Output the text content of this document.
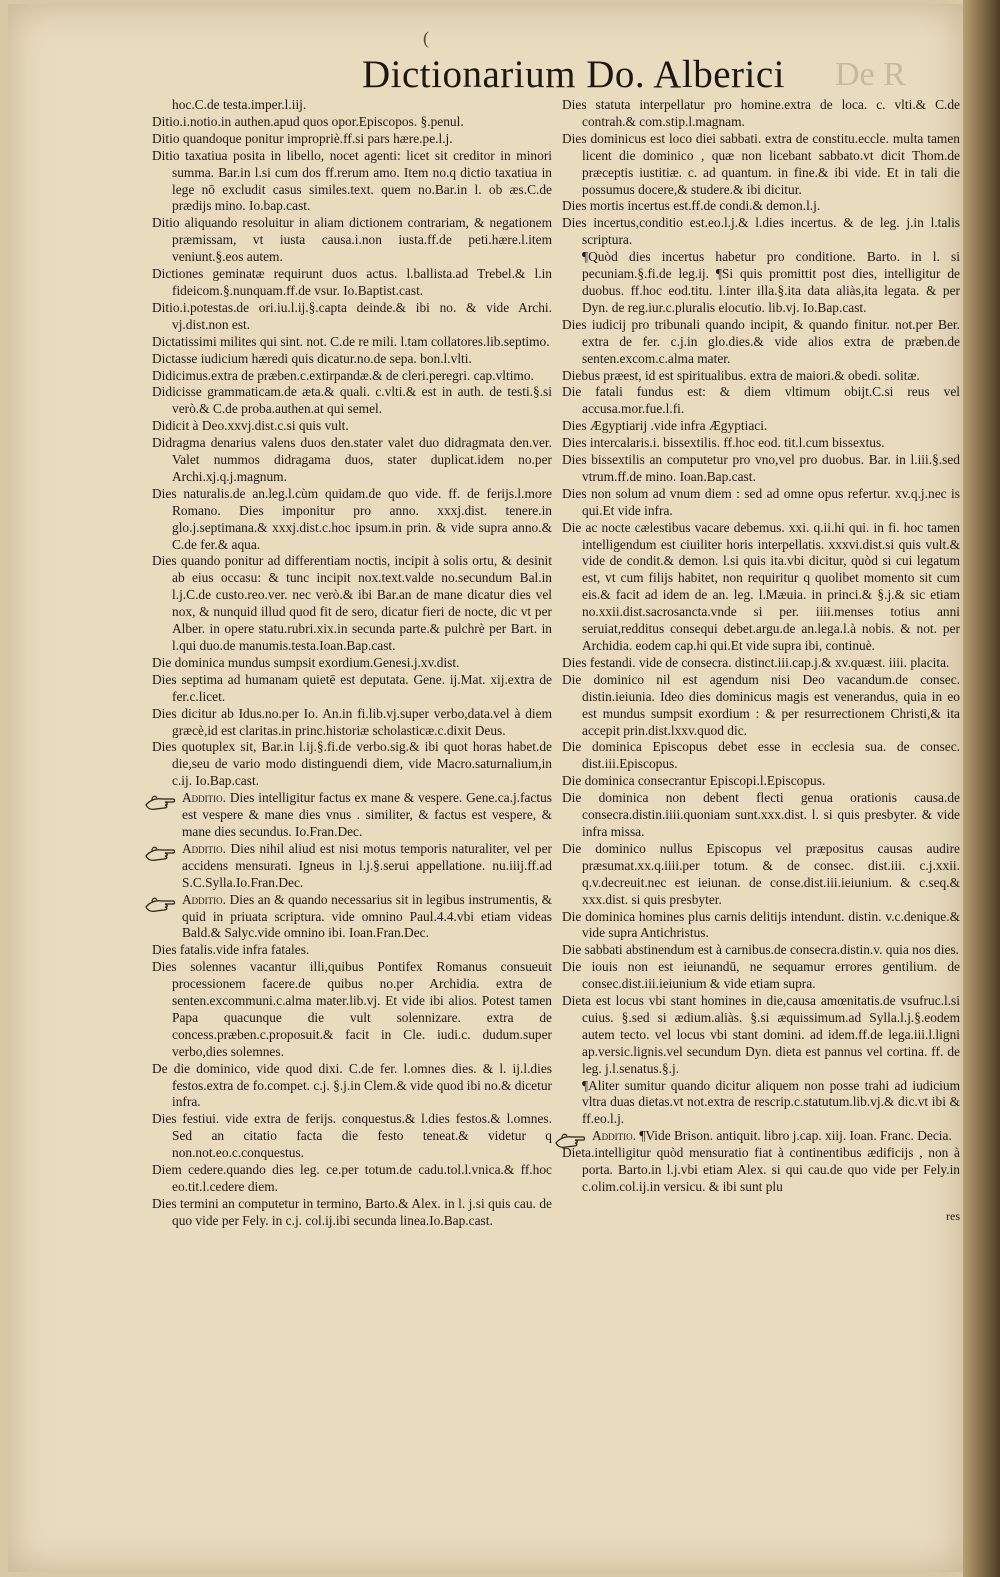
Dictionarium Do. Alberici De R
(

hoc.C.de testa.imper.l.iij.

Ditio.i.notio.in authen.apud quos opor.Episcopos. §.penul.

Ditio quandoque ponitur impropriè.ff.si pars hære.pe.l.j.

Ditio taxatiua posita in libello, nocet agenti: licet sit creditor in minori summa. Bar.in l.si cum dos ff.rerum amo. Item no.q dictio taxatiua in lege nō excludit casus similes.text. quem no.Bar.in l. ob æs.C.de prædijs mino. Io.bap.cast.

Ditio aliquando resoluitur in aliam dictionem contrariam, & negationem præmissam, vt iusta causa.i.non iusta.ff.de peti.hære.l.item veniunt.§.eos autem.

Dictiones geminatæ requirunt duos actus. l.ballista.ad Trebel.& l.in fideicom.§.nunquam.ff.de vsur. Io.Baptist.cast.

Ditio.i.potestas.de ori.iu.l.ij.§.capta deinde.& ibi no. & vide Archi. vj.dist.non est.

Dictatissimi milites qui sint. not. C.de re mili. l.tam collatores.lib.septimo.

Dictasse iudicium hæredi quis dicatur.no.de sepa. bon.l.vlti.

Didicimus.extra de præben.c.extirpandæ.& de cleri.peregri. cap.vltimo.

Didicisse grammaticam.de æta.& quali. c.vlti.& est in auth. de testi.§.si verò.& C.de proba.authen.at qui semel.

Didicit à Deo.xxvj.dist.c.si quis vult.

Didragma denarius valens duos den.stater valet duo didragmata den.ver. Valet nummos didragama duos, stater duplicat.idem no.per Archi.xj.q.j.magnum.

Dies naturalis.de an.leg.l.cùm quidam.de quo vide. ff. de ferijs.l.more Romano. Dies imponitur pro anno. xxxj.dist. tenere.in glo.j.septimana.& xxxj.dist.c.hoc ipsum.in prin. & vide supra anno.& C.de fer.& aqua.

Dies quando ponitur ad differentiam noctis, incipit à solis ortu, & desinit ab eius occasu: & tunc incipit nox.text.valde no.secundum Bal.in l.j.C.de custo.reo.ver. nec verò.& ibi Bar.an de mane dicatur dies vel nox, & nunquid illud quod fit de sero, dicatur fieri de nocte, dic vt per Alber. in opere statu.rubri.xix.in secunda parte.& pulchrè per Bart. in l.qui duo.de manumis.testa.Ioan.Bap.cast.

Die dominica mundus sumpsit exordium.Genesi.j.xv.dist.

Dies septima ad humanam quietē est deputata. Gene. ij.Mat. xij.extra de fer.c.licet.

Dies dicitur ab Idus.no.per Io. An.in fi.lib.vj.super verbo,data.vel à diem græcè,id est claritas.in princ.historiæ scholasticæ.c.dixit Deus.

Dies quotuplex sit, Bar.in l.ij.§.fi.de verbo.sig.& ibi quot horas habet.de die,seu de vario modo distinguendi diem, vide Macro.saturnalium,in c.ij. Io.Bap.cast.

Additio. Dies intelligitur factus ex mane & vespere. Gene.ca.j.factus est vespere & mane dies vnus . similiter, & factus est vespere, & mane dies secundus. Io.Fran.Dec.

Additio. Dies nihil aliud est nisi motus temporis naturaliter, vel per accidens mensurati. Igneus in l.j.§.serui appellatione. nu.iiij.ff.ad S.C.Sylla.Io.Fran.Dec.

Additio. Dies an & quando necessarius sit in legibus instrumentis, & quid in priuata scriptura. vide omnino Paul.4.4.vbi etiam videas Bald.& Salyc.vide omnino ibi. Ioan.Fran.Dec.

Dies fatalis.vide infra fatales.

Dies solennes vacantur illi,quibus Pontifex Romanus consueuit processionem facere.de quibus no.per Archidia. extra de senten.excommuni.c.alma mater.lib.vj. Et vide ibi alios. Potest tamen Papa quacunque die vult solennizare. extra de concess.præben.c.proposuit.& facit in Cle. iudi.c. dudum.super verbo,dies solemnes.

De die dominico, vide quod dixi. C.de fer. l.omnes dies. & l. ij.l.dies festos.extra de fo.compet. c.j. §.j.in Clem.& vide quod ibi no.& dicetur infra.

Dies festiui. vide extra de ferijs. conquestus.& l.dies festos.& l.omnes. Sed an citatio facta die festo teneat.& videtur q non.not.eo.c.conquestus.

Diem cedere.quando dies leg. ce.per totum.de cadu.tol.l.vnica.& ff.hoc eo.tit.l.cedere diem.

Dies termini an computetur in termino, Barto.& Alex. in l. j.si quis cau. de quo vide per Fely. in c.j. col.ij.ibi secunda linea.Io.Bap.cast.

Dies statuta interpellatur pro homine.extra de loca. c. vlti.& C.de contrah.& com.stip.l.magnam.

Dies dominicus est loco diei sabbati. extra de constitu.eccle. multa tamen licent die dominico , quæ non licebant sabbato.vt dicit Thom.de præceptis iustitiæ. c. ad quantum. in fine.& ibi vide. Et in tali die possumus docere,& studere.& ibi dicitur.

Dies mortis incertus est.ff.de condi.& demon.l.j.

Dies incertus,conditio est.eo.l.j.& l.dies incertus. & de leg. j.in l.talis scriptura.

¶Quòd dies incertus habetur pro conditione. Barto. in l. si pecuniam.§.fi.de leg.ij. ¶Si quis promittit post dies, intelligitur de duobus. ff.hoc eod.titu. l.inter illa.§.ita data aliàs,ita legata. & per Dyn. de reg.iur.c.pluralis elocutio. lib.vj. Io.Bap.cast.

Dies iudicij pro tribunali quando incipit, & quando finitur. not.per Ber. extra de fer. c.j.in glo.dies.& vide alios extra de præben.de senten.excom.c.alma mater.

Diebus præest, id est spiritualibus. extra de maiori.& obedi. solitæ.

Die fatali fundus est: & diem vltimum obijt.C.si reus vel accusa.mor.fue.l.fi.

Dies Ægyptiarij .vide infra Ægyptiaci.

Dies intercalaris.i. bissextilis. ff.hoc eod. tit.l.cum bissextus.

Dies bissextilis an computetur pro vno,vel pro duobus. Bar. in l.iii.§.sed vtrum.ff.de mino. Ioan.Bap.cast.

Dies non solum ad vnum diem : sed ad omne opus refertur. xv.q.j.nec is qui.Et vide infra.

Die ac nocte cælestibus vacare debemus. xxi. q.ii.hi qui. in fi. hoc tamen intelligendum est ciuiliter horis interpellatis. xxxvi.dist.si quis vult.& vide de condit.& demon. l.si quis ita.vbi dicitur, quòd si cui legatum est, vt cum filijs habitet, non requiritur q quolibet momento sit cum eis.& facit ad idem de an. leg. l.Mæuia. in princi.& §.j.& sic etiam no.xxii.dist.sacrosancta.vnde si per. iiii.menses totius anni seruiat,redditus consequi debet.argu.de an.lega.l.à nobis. & not. per Archidia. eodem cap.hi qui.Et vide supra ibi, continuè.

Dies festandi. vide de consecra. distinct.iii.cap.j.& xv.quæst. iiii. placita.

Die dominico nil est agendum nisi Deo vacandum.de consec. distin.ieiunia. Ideo dies dominicus magis est venerandus, quia in eo est mundus sumpsit exordium : & per resurrectionem Christi,& ita accepit prin.dist.lxxv.quod dic.

Die dominica Episcopus debet esse in ecclesia sua. de consec. dist.iii.Episcopus.

Die dominica consecrantur Episcopi.l.Episcopus.

Die dominica non debent flecti genua orationis causa.de consecra.distin.iiii.quoniam sunt.xxx.dist. l. si quis presbyter. & vide infra missa.

Die dominico nullus Episcopus vel præpositus causas audire præsumat.xx.q.iiii.per totum. & de consec. dist.iii. c.j.xxii. q.v.decreuit.nec est ieiunan. de conse.dist.iii.ieiunium. & c.seq.& xxx.dist. si quis presbyter.

Die dominica homines plus carnis delitijs intendunt. distin. v.c.denique.& vide supra Antichristus.

Die sabbati abstinendum est à carnibus.de consecra.distin.v. quia nos dies.

Die iouis non est ieiunandū, ne sequamur errores gentilium. de consec.dist.iii.ieiunium & vide etiam supra.

Dieta est locus vbi stant homines in die,causa amœnitatis.de vsufruc.l.si cuius. §.sed si ædium.aliàs. §.si æquissimum.ad Sylla.l.j.§.eodem autem tecto. vel locus vbi stant domini. ad idem.ff.de lega.iii.l.ligni ap.versic.lignis.vel secundum Dyn. dieta est pannus vel cortina. ff. de leg. j.l.senatus.§.j.

¶Aliter sumitur quando dicitur aliquem non posse trahi ad iudicium vltra duas dietas.vt not.extra de rescrip.c.statutum.lib.vj.& dic.vt ibi & ff.eo.l.j.

Additio. ¶Vide Brison. antiquit. libro j.cap. xiij. Ioan. Franc. Decia.

Dieta.intelligitur quòd mensuratio fiat à continentibus ædificijs , non à porta. Barto.in l.j.vbi etiam Alex. si qui cau.de quo vide per Fely.in c.olim.col.ij.in versicu. & ibi sunt plu

res
